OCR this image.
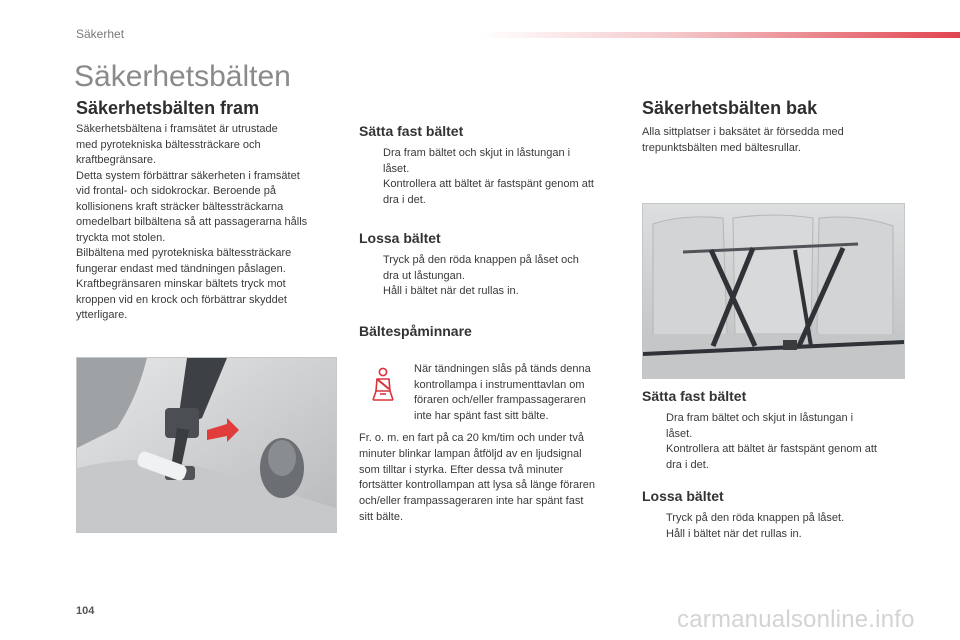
Säkerhet
Säkerhetsbälten
Säkerhetsbälten fram
Säkerhetsbältena i framsätet är utrustade
med pyrotekniska bältessträckare och
kraftbegränsare.
Detta system förbättrar säkerheten i framsätet
vid frontal- och sidokrockar. Beroende på
kollisionens kraft sträcker bältessträckarna
omedelbart bilbältena så att passagerarna hålls
tryckta mot stolen.
Bilbältena med pyrotekniska bältessträckare
fungerar endast med tändningen påslagen.
Kraftbegränsaren minskar bältets tryck mot
kroppen vid en krock och förbättrar skyddet
ytterligare.
Sätta fast bältet
Dra fram bältet och skjut in låstungan i
låset.
Kontrollera att bältet är fastspänt genom att
dra i det.
Lossa bältet
Tryck på den röda knappen på låset och
dra ut låstungan.
Håll i bältet när det rullas in.
Bältespåminnare
När tändningen slås på tänds denna
kontrollampa i instrumenttavlan om
föraren och/eller frampassageraren
inte har spänt fast sitt bälte.
Fr. o. m. en fart på ca 20 km/tim och under två
minuter blinkar lampan åtföljd av en ljudsignal
som tilltar i styrka. Efter dessa två minuter
fortsätter kontrollampan att lysa så länge föraren
och/eller frampassageraren inte har spänt fast
sitt bälte.
Säkerhetsbälten bak
Alla sittplatser i baksätet är försedda med
trepunktsbälten med bältesrullar.
Sätta fast bältet
Dra fram bältet och skjut in låstungan i
låset.
Kontrollera att bältet är fastspänt genom att
dra i det.
Lossa bältet
Tryck på den röda knappen på låset.
Håll i bältet när det rullas in.
104	carmanualsonline.info
